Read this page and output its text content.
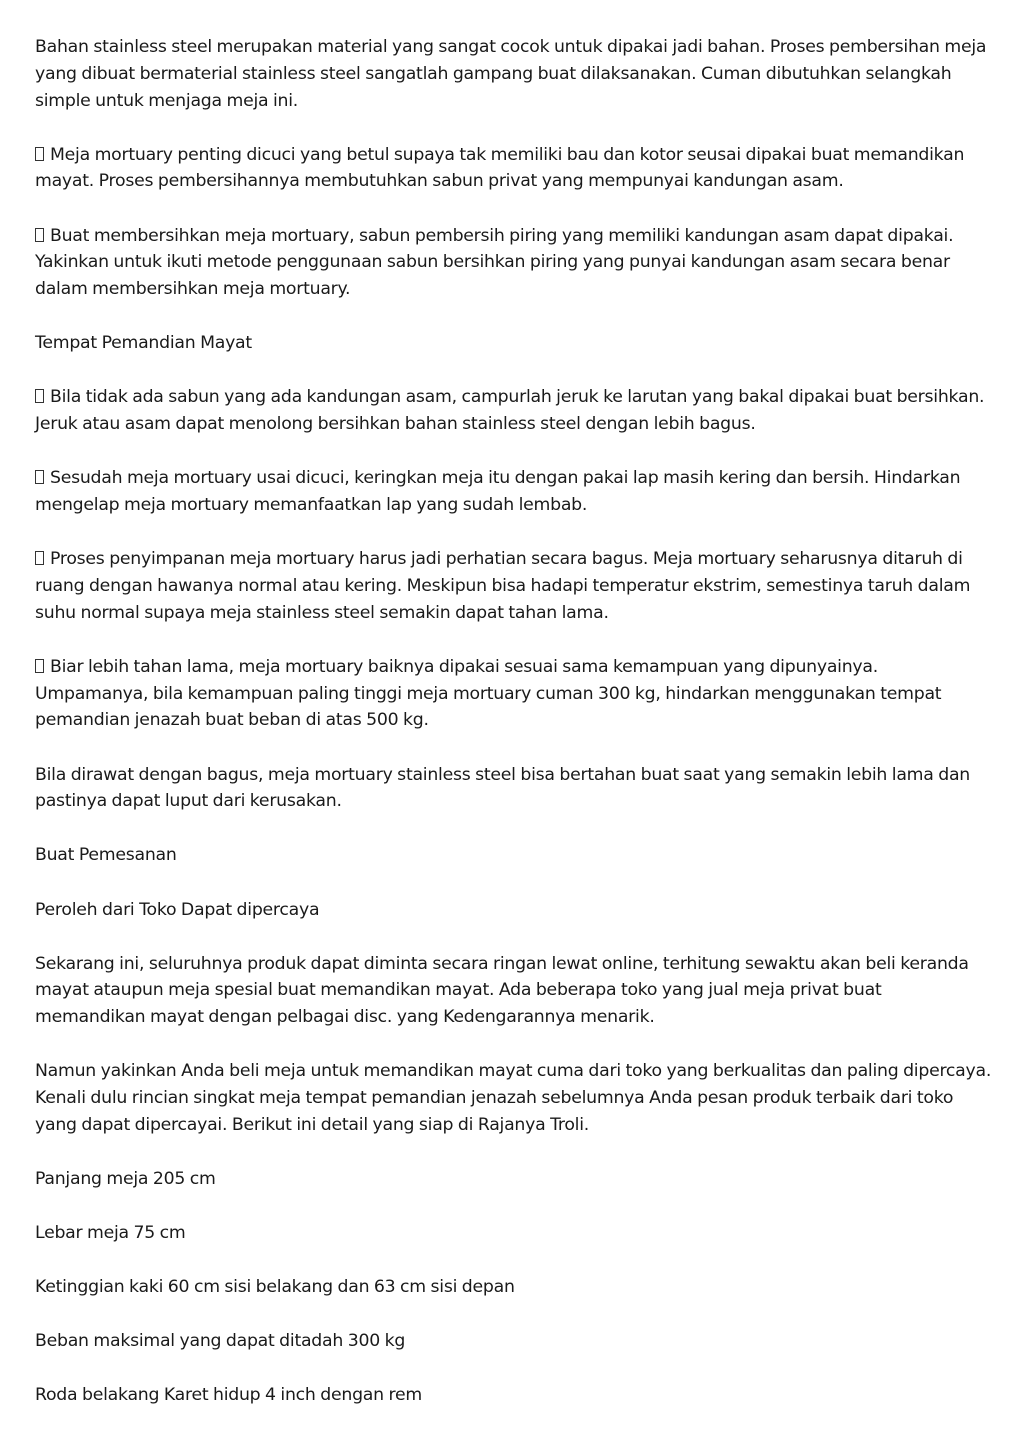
Bahan stainless steel merupakan material yang sangat cocok untuk dipakai jadi bahan. Proses pembersihan meja yang dibuat bermaterial stainless steel sangatlah gampang buat dilaksanakan. Cuman dibutuhkan selangkah simple untuk menjaga meja ini.

Meja mortuary penting dicuci yang betul supaya tak memiliki bau dan kotor seusai dipakai buat memandikan mayat. Proses pembersihannya membutuhkan sabun privat yang mempunyai kandungan asam.

Buat membersihkan meja mortuary, sabun pembersih piring yang memiliki kandungan asam dapat dipakai. Yakinkan untuk ikuti metode penggunaan sabun bersihkan piring yang punyai kandungan asam secara benar dalam membersihkan meja mortuary.

Tempat Pemandian Mayat

Bila tidak ada sabun yang ada kandungan asam, campurlah jeruk ke larutan yang bakal dipakai buat bersihkan. Jeruk atau asam dapat menolong bersihkan bahan stainless steel dengan lebih bagus.

Sesudah meja mortuary usai dicuci, keringkan meja itu dengan pakai lap masih kering dan bersih. Hindarkan mengelap meja mortuary memanfaatkan lap yang sudah lembab.

Proses penyimpanan meja mortuary harus jadi perhatian secara bagus. Meja mortuary seharusnya ditaruh di ruang dengan hawanya normal atau kering. Meskipun bisa hadapi temperatur ekstrim, semestinya taruh dalam suhu normal supaya meja stainless steel semakin dapat tahan lama.

Biar lebih tahan lama, meja mortuary baiknya dipakai sesuai sama kemampuan yang dipunyainya. Umpamanya, bila kemampuan paling tinggi meja mortuary cuman 300 kg, hindarkan menggunakan tempat pemandian jenazah buat beban di atas 500 kg.

Bila dirawat dengan bagus, meja mortuary stainless steel bisa bertahan buat saat yang semakin lebih lama dan pastinya dapat luput dari kerusakan.

Buat Pemesanan

Peroleh dari Toko Dapat dipercaya

Sekarang ini, seluruhnya produk dapat diminta secara ringan lewat online, terhitung sewaktu akan beli keranda mayat ataupun meja spesial buat memandikan mayat. Ada beberapa toko yang jual meja privat buat memandikan mayat dengan pelbagai disc. yang Kedengarannya menarik.

Namun yakinkan Anda beli meja untuk memandikan mayat cuma dari toko yang berkualitas dan paling dipercaya. Kenali dulu rincian singkat meja tempat pemandian jenazah sebelumnya Anda pesan produk terbaik dari toko yang dapat dipercayai. Berikut ini detail yang siap di Rajanya Troli.

Panjang meja 205 cm

Lebar meja 75 cm

Ketinggian kaki 60 cm sisi belakang dan 63 cm sisi depan

Beban maksimal yang dapat ditadah 300 kg

Roda belakang Karet hidup 4 inch dengan rem
